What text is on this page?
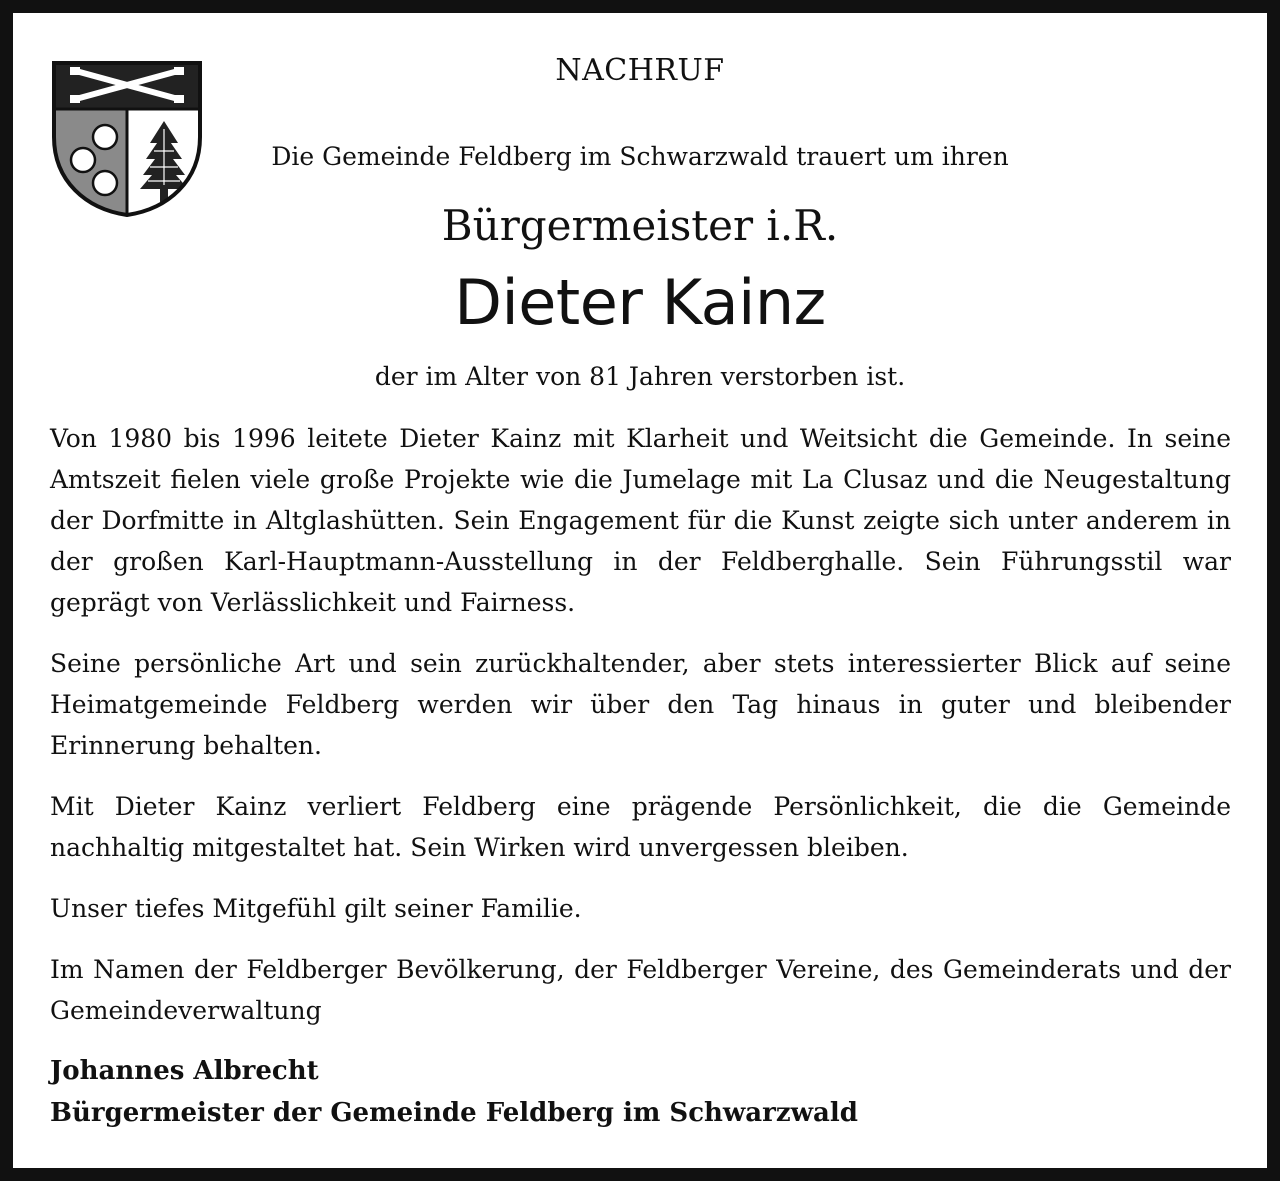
NACHRUF
Die Gemeinde Feldberg im Schwarzwald trauert um ihren
Bürgermeister i.R.
Dieter Kainz
der im Alter von 81 Jahren verstorben ist.

Von 1980 bis 1996 leitete Dieter Kainz mit Klarheit und Weitsicht die Gemeinde. In seine Amtszeit fielen viele große Projekte wie die Jumelage mit La Clusaz und die Neugestaltung der Dorfmitte in Altglashütten. Sein Engagement für die Kunst zeigte sich unter anderem in der großen Karl-Hauptmann-Ausstellung in der Feldberghalle. Sein Führungsstil war geprägt von Verlässlichkeit und Fairness.

Seine persönliche Art und sein zurückhaltender, aber stets interessierter Blick auf seine Heimatgemeinde Feldberg werden wir über den Tag hinaus in guter und bleibender Erinnerung behalten.

Mit Dieter Kainz verliert Feldberg eine prägende Persönlichkeit, die die Gemeinde nachhaltig mitgestaltet hat. Sein Wirken wird unvergessen bleiben.

Unser tiefes Mitgefühl gilt seiner Familie.

Im Namen der Feldberger Bevölkerung, der Feldberger Vereine, des Gemeinderats und der Gemeindeverwaltung

Johannes Albrecht
Bürgermeister der Gemeinde Feldberg im Schwarzwald
